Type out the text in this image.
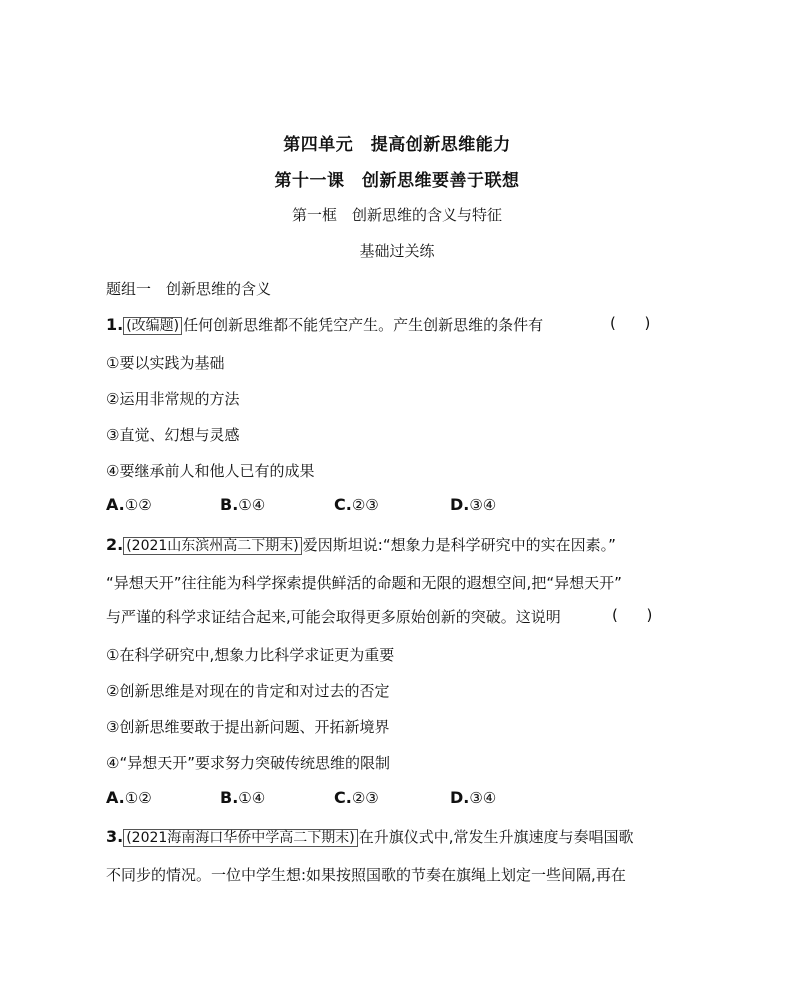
第四单元　提高创新思维能力
第十一课　创新思维要善于联想
第一框　创新思维的含义与特征
基础过关练
题组一　创新思维的含义
1. (改编题) 任何创新思维都不能凭空产生。产生创新思维的条件有	(      )
①要以实践为基础
②运用非常规的方法
③直觉、幻想与灵感
④要继承前人和他人已有的成果
A.①②	B.①④	C.②③	D.③④
2. (2021山东滨州高二下期末) 爱因斯坦说:“想象力是科学研究中的实在因素。”
“异想天开”往往能为科学探索提供鲜活的命题和无限的遐想空间,把“异想天开”
与严谨的科学求证结合起来,可能会取得更多原始创新的突破。这说明	(      )
①在科学研究中,想象力比科学求证更为重要
②创新思维是对现在的肯定和对过去的否定
③创新思维要敢于提出新问题、开拓新境界
④“异想天开”要求努力突破传统思维的限制
A.①②	B.①④	C.②③	D.③④
3. (2021海南海口华侨中学高二下期末) 在升旗仪式中,常发生升旗速度与奏唱国歌
不同步的情况。一位中学生想:如果按照国歌的节奏在旗绳上划定一些间隔,再在
